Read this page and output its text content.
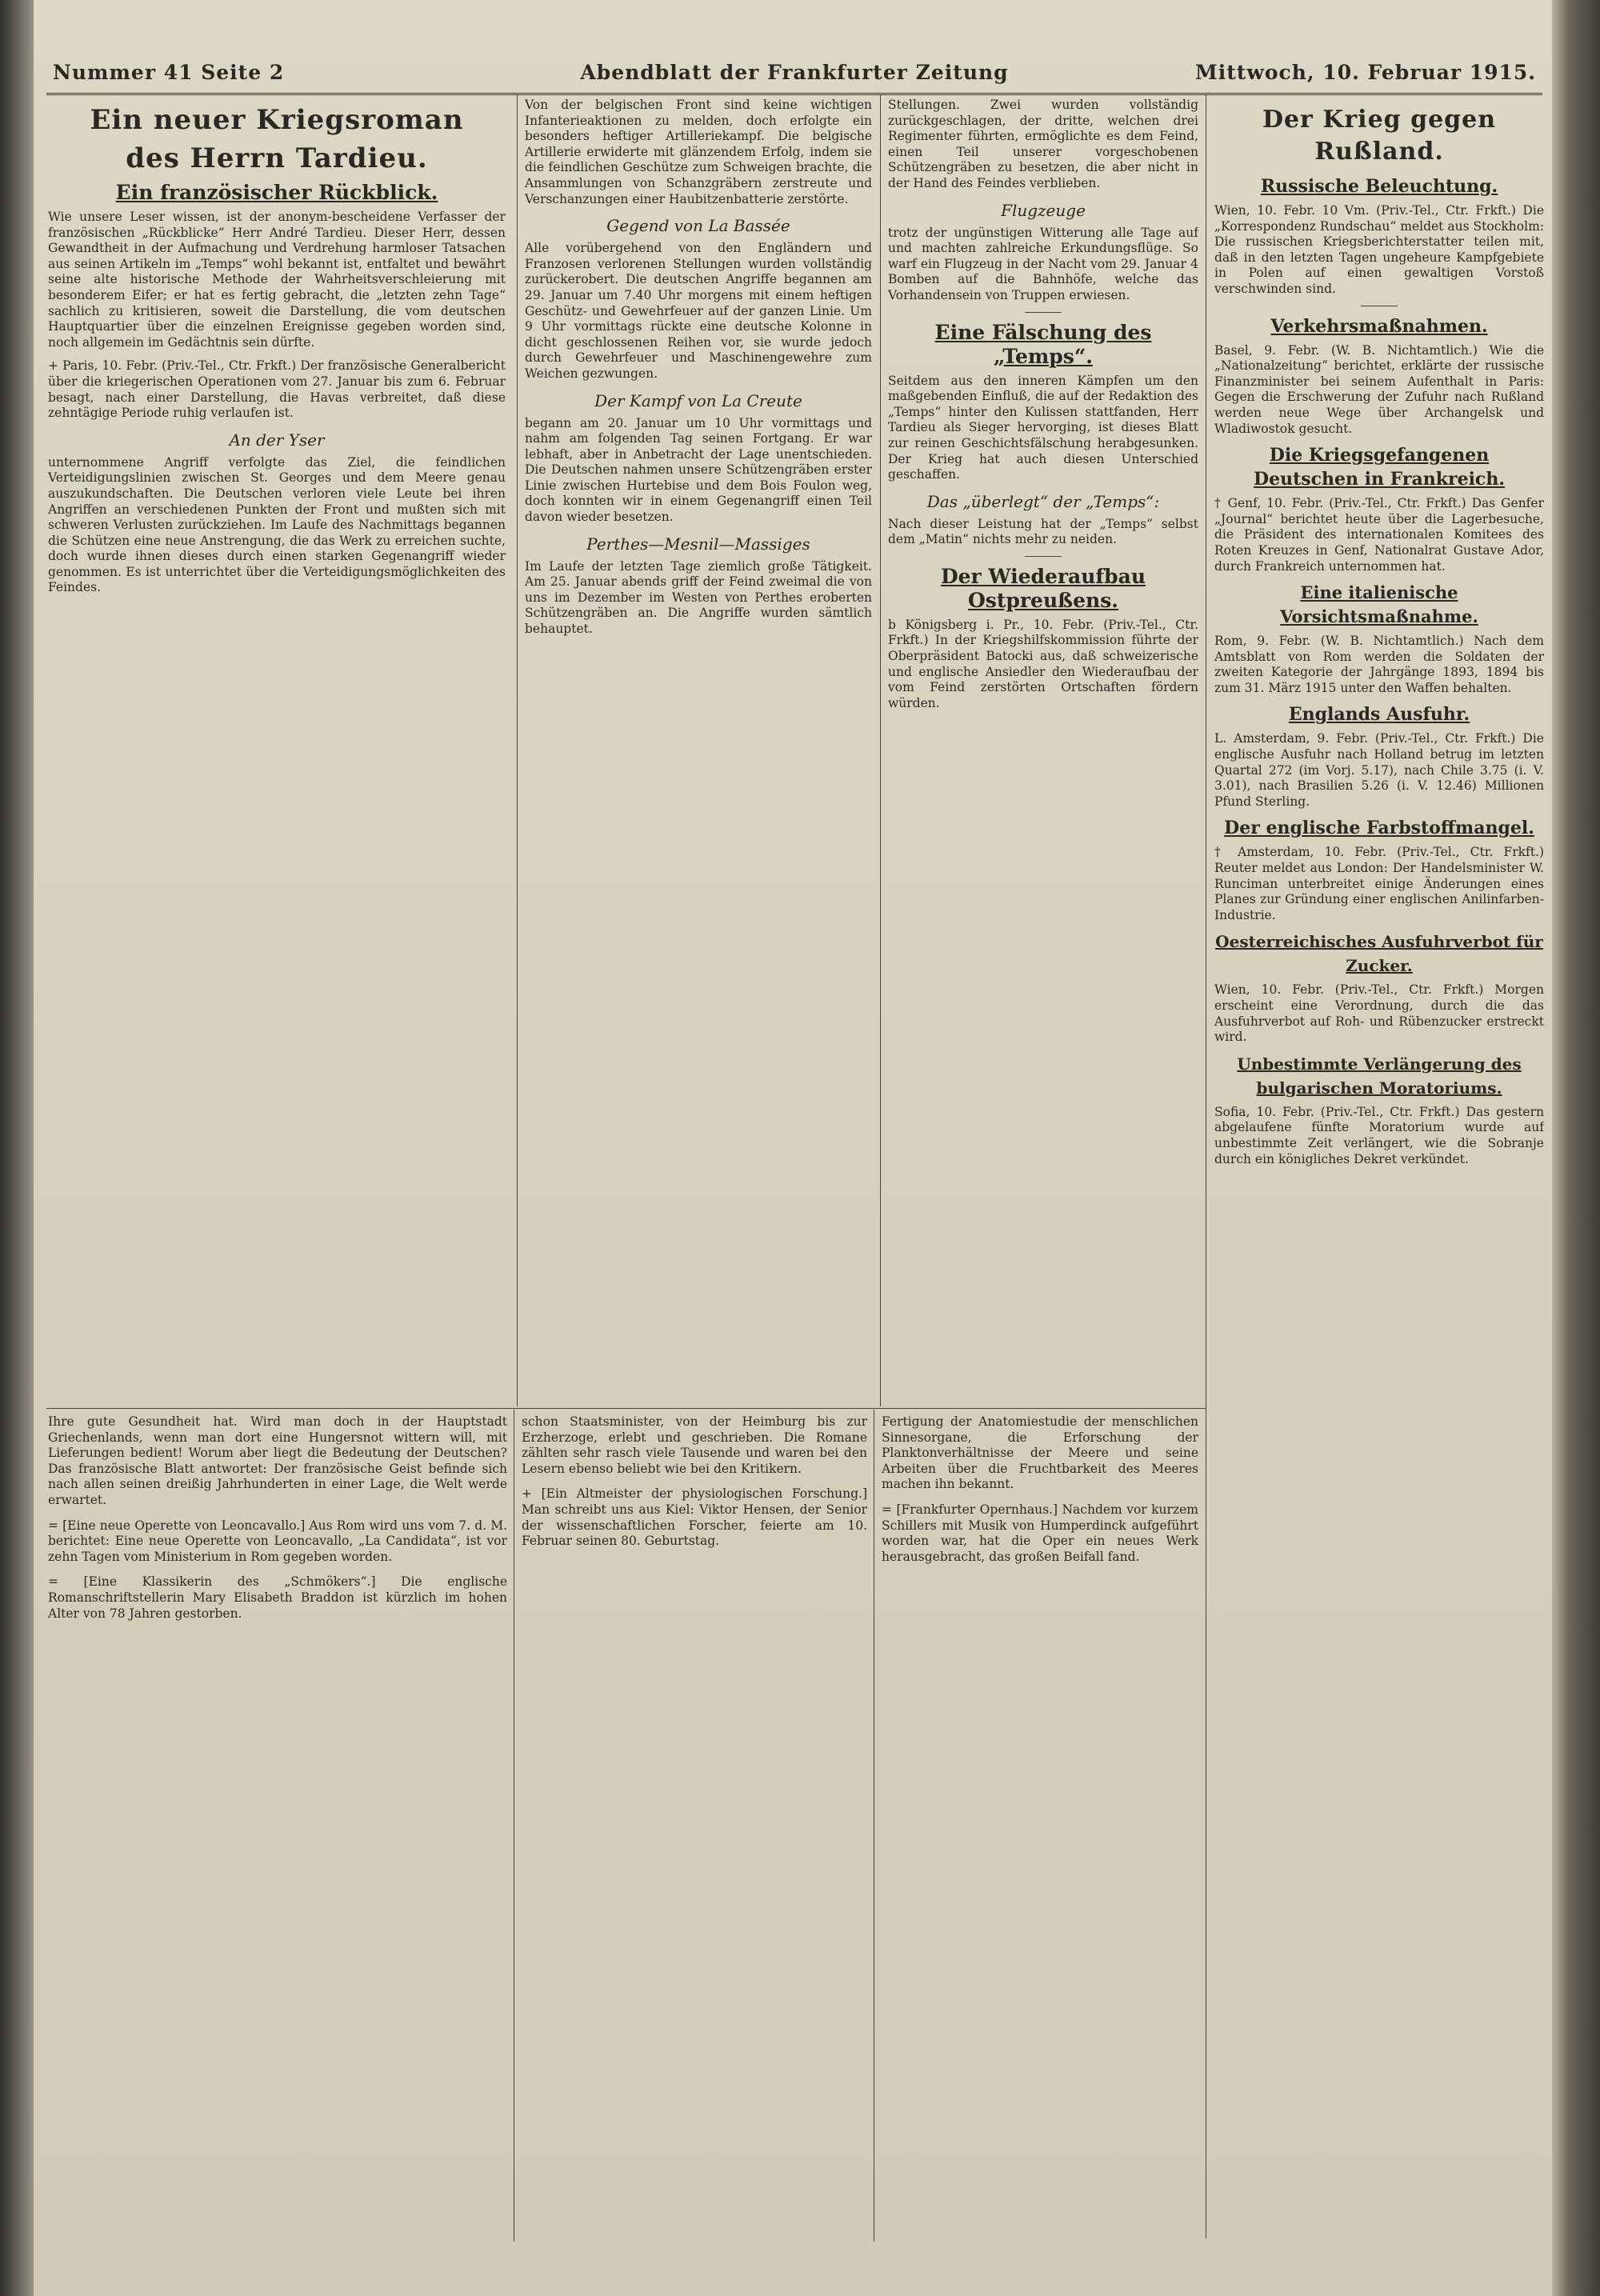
Nummer 41 Seite 2	Abendblatt der Frankfurter Zeitung	Mittwoch, 10. Februar 1915.
Ein neuer Kriegsroman
des Herrn Tardieu.
Ein französischer Rückblick.

Wie unsere Leser wissen, ist der anonym-bescheidene Verfasser der französischen „Rückblicke“ Herr André Tardieu. Dieser Herr, dessen Gewandtheit in der Aufmachung und Verdrehung harmloser Tatsachen aus seinen Artikeln im „Temps“ wohl bekannt ist, entfaltet und bewährt seine alte historische Methode der Wahrheitsverschleierung mit besonderem Eifer; er hat es fertig gebracht, die „letzten zehn Tage“ sachlich zu kritisieren, soweit die Darstellung, die vom deutschen Hauptquartier über die einzelnen Ereignisse gegeben worden sind, noch allgemein im Gedächtnis sein dürfte.

+ Paris, 10. Febr. (Priv.-Tel., Ctr. Frkft.) Der französische Generalbericht über die kriegerischen Operationen vom 27. Januar bis zum 6. Februar besagt, nach einer Darstellung, die Havas verbreitet, daß diese zehntägige Periode ruhig verlaufen ist.

An der Yser

unternommene Angriff verfolgte das Ziel, die feindlichen Verteidigungslinien zwischen St. Georges und dem Meere genau auszukundschaften. Die Deutschen verloren viele Leute bei ihren Angriffen an verschiedenen Punkten der Front und mußten sich mit schweren Verlusten zurückziehen. Im Laufe des Nachmittags begannen die Schützen eine neue Anstrengung, die das Werk zu erreichen suchte, doch wurde ihnen dieses durch einen starken Gegenangriff wieder genommen. Es ist unterrichtet über die Verteidigungsmöglichkeiten des Feindes.

Von der belgischen Front sind keine wichtigen Infanterieaktionen zu melden, doch erfolgte ein besonders heftiger Artilleriekampf. Die belgische Artillerie erwiderte mit glänzendem Erfolg, indem sie die feindlichen Geschütze zum Schweigen brachte, die Ansammlungen von Schanzgräbern zerstreute und Verschanzungen einer Haubitzenbatterie zerstörte.

Gegend von La Bassée

Alle vorübergehend von den Engländern und Franzosen verlorenen Stellungen wurden vollständig zurückerobert. Die deutschen Angriffe begannen am 29. Januar um 7.40 Uhr morgens mit einem heftigen Geschütz- und Gewehrfeuer auf der ganzen Linie. Um 9 Uhr vormittags rückte eine deutsche Kolonne in dicht geschlossenen Reihen vor, sie wurde jedoch durch Gewehrfeuer und Maschinengewehre zum Weichen gezwungen.

Der Kampf von La Creute

begann am 20. Januar um 10 Uhr vormittags und nahm am folgenden Tag seinen Fortgang. Er war lebhaft, aber in Anbetracht der Lage unentschieden. Die Deutschen nahmen unsere Schützengräben erster Linie zwischen Hurtebise und dem Bois Foulon weg, doch konnten wir in einem Gegenangriff einen Teil davon wieder besetzen.

Perthes—Mesnil—Massiges

Im Laufe der letzten Tage ziemlich große Tätigkeit. Am 25. Januar abends griff der Feind zweimal die von uns im Dezember im Westen von Perthes eroberten Schützengräben an. Die Angriffe wurden sämtlich behauptet.

Stellungen. Zwei wurden vollständig zurückgeschlagen, der dritte, welchen drei Regimenter führten, ermöglichte es dem Feind, einen Teil unserer vorgeschobenen Schützengräben zu besetzen, die aber nicht in der Hand des Feindes verblieben.

Flugzeuge

trotz der ungünstigen Witterung alle Tage auf und machten zahlreiche Erkundungsflüge. So warf ein Flugzeug in der Nacht vom 29. Januar 4 Bomben auf die Bahnhöfe, welche das Vorhandensein von Truppen erwiesen.

Eine Fälschung des „Temps“.

Seitdem aus den inneren Kämpfen um den maßgebenden Einfluß, die auf der Redaktion des „Temps“ hinter den Kulissen stattfanden, Herr Tardieu als Sieger hervorging, ist dieses Blatt zur reinen Geschichtsfälschung herabgesunken. Der Krieg hat auch diesen Unterschied geschaffen.

Das „überlegt“ der „Temps“:

Nach dieser Leistung hat der „Temps“ selbst dem „Matin“ nichts mehr zu neiden.

Der Wiederaufbau Ostpreußens.

b Königsberg i. Pr., 10. Febr. (Priv.-Tel., Ctr. Frkft.) In der Kriegshilfskommission führte der Oberpräsident Batocki aus, daß schweizerische und englische Ansiedler den Wiederaufbau der vom Feind zerstörten Ortschaften fördern würden.

Der Krieg gegen Rußland.
Russische Beleuchtung.

Wien, 10. Febr. 10 Vm. (Priv.-Tel., Ctr. Frkft.) Die „Korrespondenz Rundschau“ meldet aus Stockholm: Die russischen Kriegsberichterstatter teilen mit, daß in den letzten Tagen ungeheure Kampfgebiete in Polen auf einen gewaltigen Vorstoß verschwinden sind.

Verkehrsmaßnahmen.

Basel, 9. Febr. (W. B. Nichtamtlich.) Wie die „Nationalzeitung“ berichtet, erklärte der russische Finanzminister bei seinem Aufenthalt in Paris: Gegen die Erschwerung der Zufuhr nach Rußland werden neue Wege über Archangelsk und Wladiwostok gesucht.

Die Kriegsgefangenen Deutschen in Frankreich.

† Genf, 10. Febr. (Priv.-Tel., Ctr. Frkft.) Das Genfer „Journal“ berichtet heute über die Lagerbesuche, die Präsident des internationalen Komitees des Roten Kreuzes in Genf, Nationalrat Gustave Ador, durch Frankreich unternommen hat.

Eine italienische Vorsichtsmaßnahme.

Rom, 9. Febr. (W. B. Nichtamtlich.) Nach dem Amtsblatt von Rom werden die Soldaten der zweiten Kategorie der Jahrgänge 1893, 1894 bis zum 31. März 1915 unter den Waffen behalten.

Englands Ausfuhr.

L. Amsterdam, 9. Febr. (Priv.-Tel., Ctr. Frkft.) Die englische Ausfuhr nach Holland betrug im letzten Quartal 272 (im Vorj. 5.17), nach Chile 3.75 (i. V. 3.01), nach Brasilien 5.26 (i. V. 12.46) Millionen Pfund Sterling.

Der englische Farbstoffmangel.

† Amsterdam, 10. Febr. (Priv.-Tel., Ctr. Frkft.) Reuter meldet aus London: Der Handelsminister W. Runciman unterbreitet einige Änderungen eines Planes zur Gründung einer englischen Anilinfarben-Industrie.

Oesterreichisches Ausfuhrverbot für Zucker.

Wien, 10. Febr. (Priv.-Tel., Ctr. Frkft.) Morgen erscheint eine Verordnung, durch die das Ausfuhrverbot auf Roh- und Rübenzucker erstreckt wird.

Unbestimmte Verlängerung des bulgarischen Moratoriums.

Sofia, 10. Febr. (Priv.-Tel., Ctr. Frkft.) Das gestern abgelaufene fünfte Moratorium wurde auf unbestimmte Zeit verlängert, wie die Sobranje durch ein königliches Dekret verkündet.

Ihre gute Gesundheit hat. Wird man doch in der Hauptstadt Griechenlands, wenn man dort eine Hungersnot wittern will, mit Lieferungen bedient! Worum aber liegt die Bedeutung der Deutschen? Das französische Blatt antwortet: Der französische Geist befinde sich nach allen seinen dreißig Jahrhunderten in einer Lage, die Welt werde erwartet.

= [Eine neue Operette von Leoncavallo.] Aus Rom wird uns vom 7. d. M. berichtet: Eine neue Operette von Leoncavallo, „La Candidata“, ist vor zehn Tagen vom Ministerium in Rom gegeben worden.

= [Eine Klassikerin des „Schmökers“.] Die englische Romanschriftstellerin Mary Elisabeth Braddon ist kürzlich im hohen Alter von 78 Jahren gestorben.

schon Staatsminister, von der Heimburg bis zur Erzherzoge, erlebt und geschrieben. Die Romane zählten sehr rasch viele Tausende und waren bei den Lesern ebenso beliebt wie bei den Kritikern.

+ [Ein Altmeister der physiologischen Forschung.] Man schreibt uns aus Kiel: Viktor Hensen, der Senior der wissenschaftlichen Forscher, feierte am 10. Februar seinen 80. Geburtstag.

Fertigung der Anatomiestudie der menschlichen Sinnesorgane, die Erforschung der Planktonverhältnisse der Meere und seine Arbeiten über die Fruchtbarkeit des Meeres machen ihn bekannt.

= [Frankfurter Opernhaus.] Nachdem vor kurzem Schillers mit Musik von Humperdinck aufgeführt worden war, hat die Oper ein neues Werk herausgebracht, das großen Beifall fand.
